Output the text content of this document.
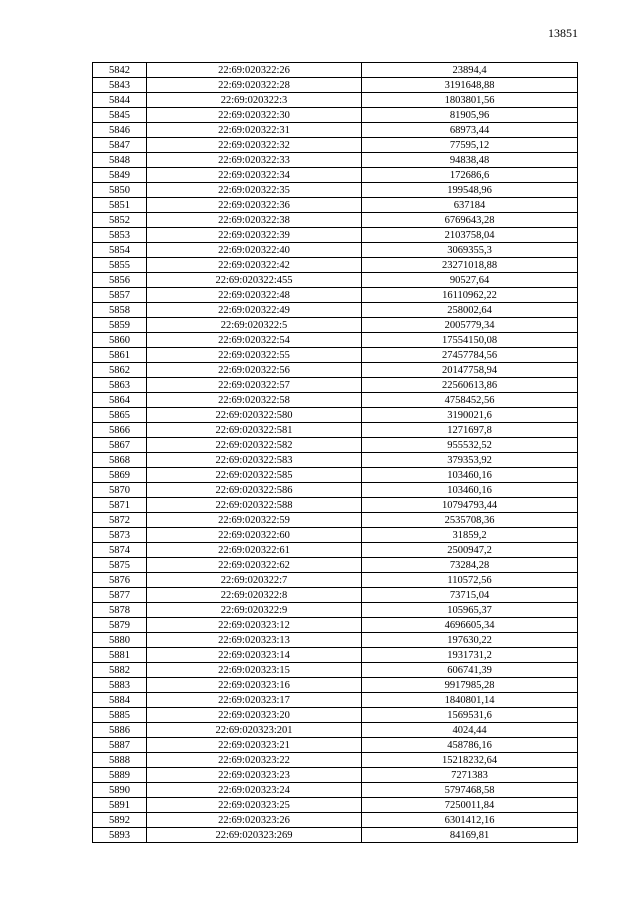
13851
5842	22:69:020322:26	23894,4
5843	22:69:020322:28	3191648,88
5844	22:69:020322:3	1803801,56
5845	22:69:020322:30	81905,96
5846	22:69:020322:31	68973,44
5847	22:69:020322:32	77595,12
5848	22:69:020322:33	94838,48
5849	22:69:020322:34	172686,6
5850	22:69:020322:35	199548,96
5851	22:69:020322:36	637184
5852	22:69:020322:38	6769643,28
5853	22:69:020322:39	2103758,04
5854	22:69:020322:40	3069355,3
5855	22:69:020322:42	23271018,88
5856	22:69:020322:455	90527,64
5857	22:69:020322:48	16110962,22
5858	22:69:020322:49	258002,64
5859	22:69:020322:5	2005779,34
5860	22:69:020322:54	17554150,08
5861	22:69:020322:55	27457784,56
5862	22:69:020322:56	20147758,94
5863	22:69:020322:57	22560613,86
5864	22:69:020322:58	4758452,56
5865	22:69:020322:580	3190021,6
5866	22:69:020322:581	1271697,8
5867	22:69:020322:582	955532,52
5868	22:69:020322:583	379353,92
5869	22:69:020322:585	103460,16
5870	22:69:020322:586	103460,16
5871	22:69:020322:588	10794793,44
5872	22:69:020322:59	2535708,36
5873	22:69:020322:60	31859,2
5874	22:69:020322:61	2500947,2
5875	22:69:020322:62	73284,28
5876	22:69:020322:7	110572,56
5877	22:69:020322:8	73715,04
5878	22:69:020322:9	105965,37
5879	22:69:020323:12	4696605,34
5880	22:69:020323:13	197630,22
5881	22:69:020323:14	1931731,2
5882	22:69:020323:15	606741,39
5883	22:69:020323:16	9917985,28
5884	22:69:020323:17	1840801,14
5885	22:69:020323:20	1569531,6
5886	22:69:020323:201	4024,44
5887	22:69:020323:21	458786,16
5888	22:69:020323:22	15218232,64
5889	22:69:020323:23	7271383
5890	22:69:020323:24	5797468,58
5891	22:69:020323:25	7250011,84
5892	22:69:020323:26	6301412,16
5893	22:69:020323:269	84169,81
